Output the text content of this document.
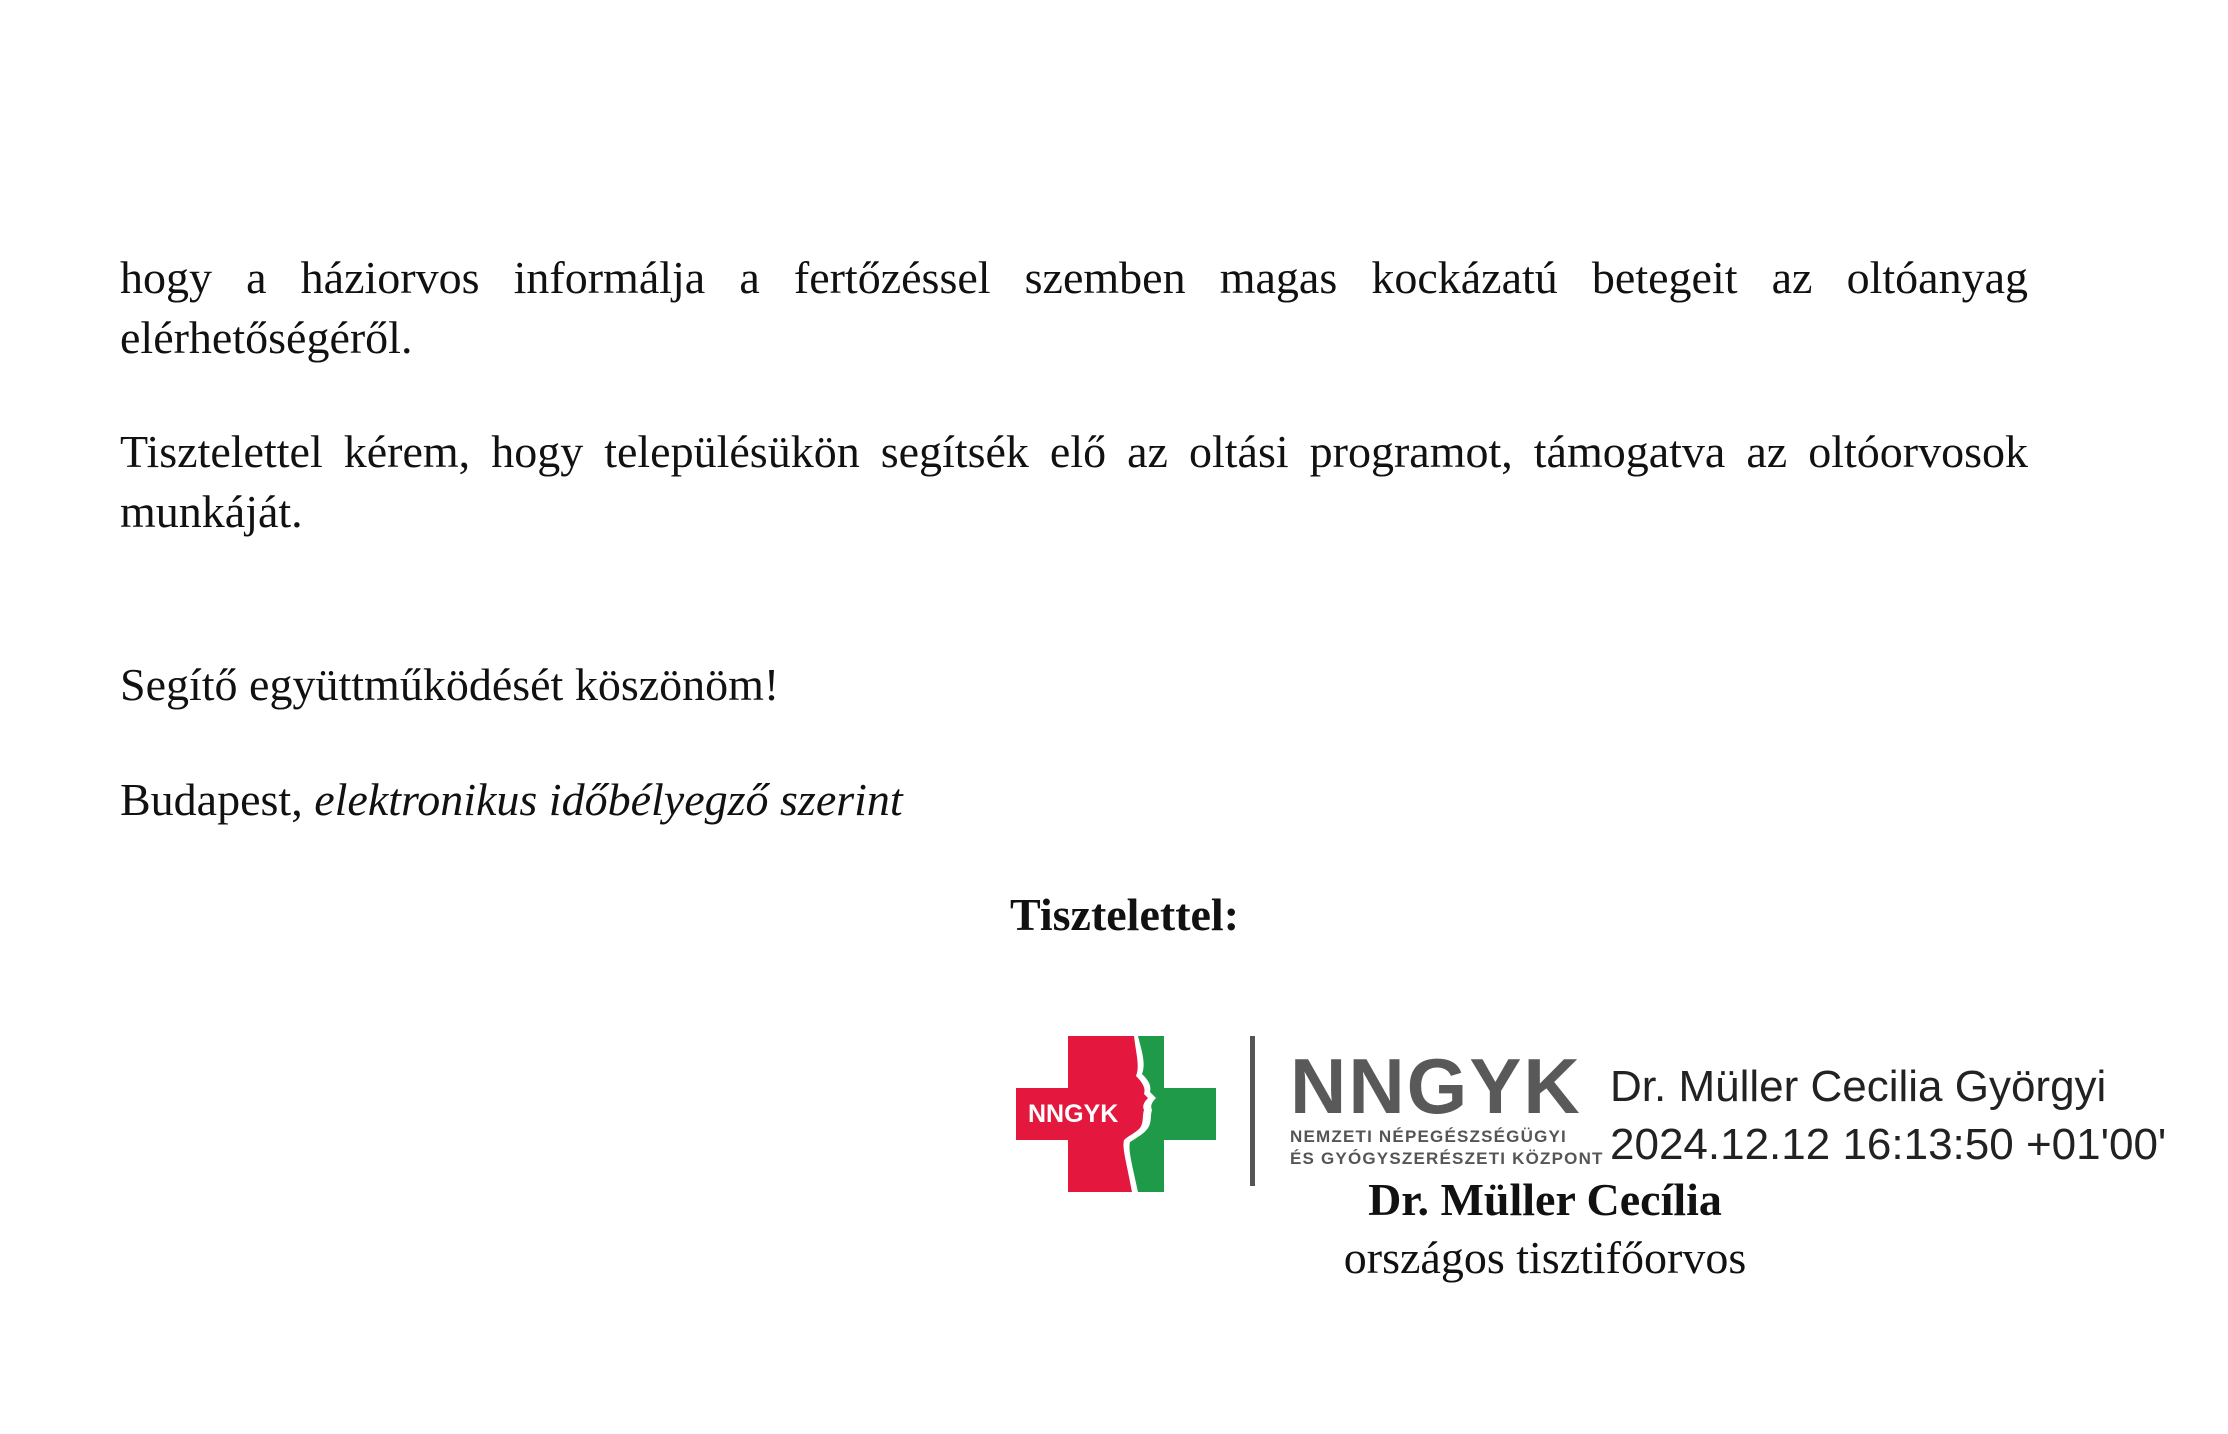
hogy a háziorvos informálja a fertőzéssel szemben magas kockázatú betegeit az oltóanyag elérhetőségéről.
Tisztelettel kérem, hogy településükön segítsék elő az oltási programot, támogatva az oltóorvosok munkáját.
Segítő együttműködését köszönöm!
Budapest, elektronikus időbélyegző szerint
Tisztelettel:
NNGYK NNGYK
NEMZETI NÉPEGÉSZSÉGÜGYI
ÉS GYÓGYSZERÉSZETI KÖZPONT
Dr. Müller Cecilia Györgyi
2024.12.12 16:13:50 +01'00'
Dr. Müller Cecília
országos tisztifőorvos
